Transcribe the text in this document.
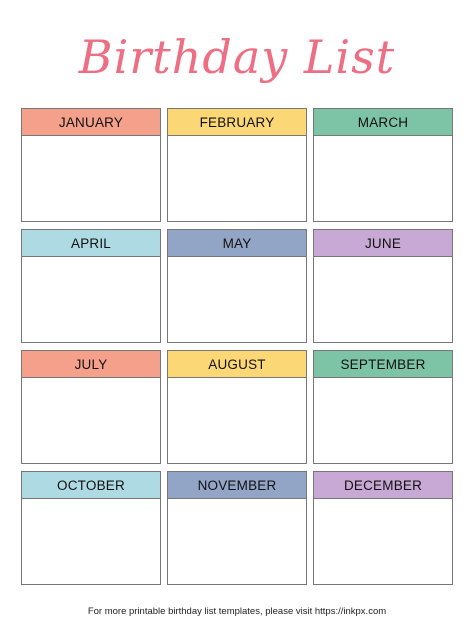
Birthday List
JANUARY	FEBRUARY	MARCH
APRIL	MAY	JUNE
JULY	AUGUST	SEPTEMBER
OCTOBER	NOVEMBER	DECEMBER
For more printable birthday list templates, please visit https://inkpx.com
